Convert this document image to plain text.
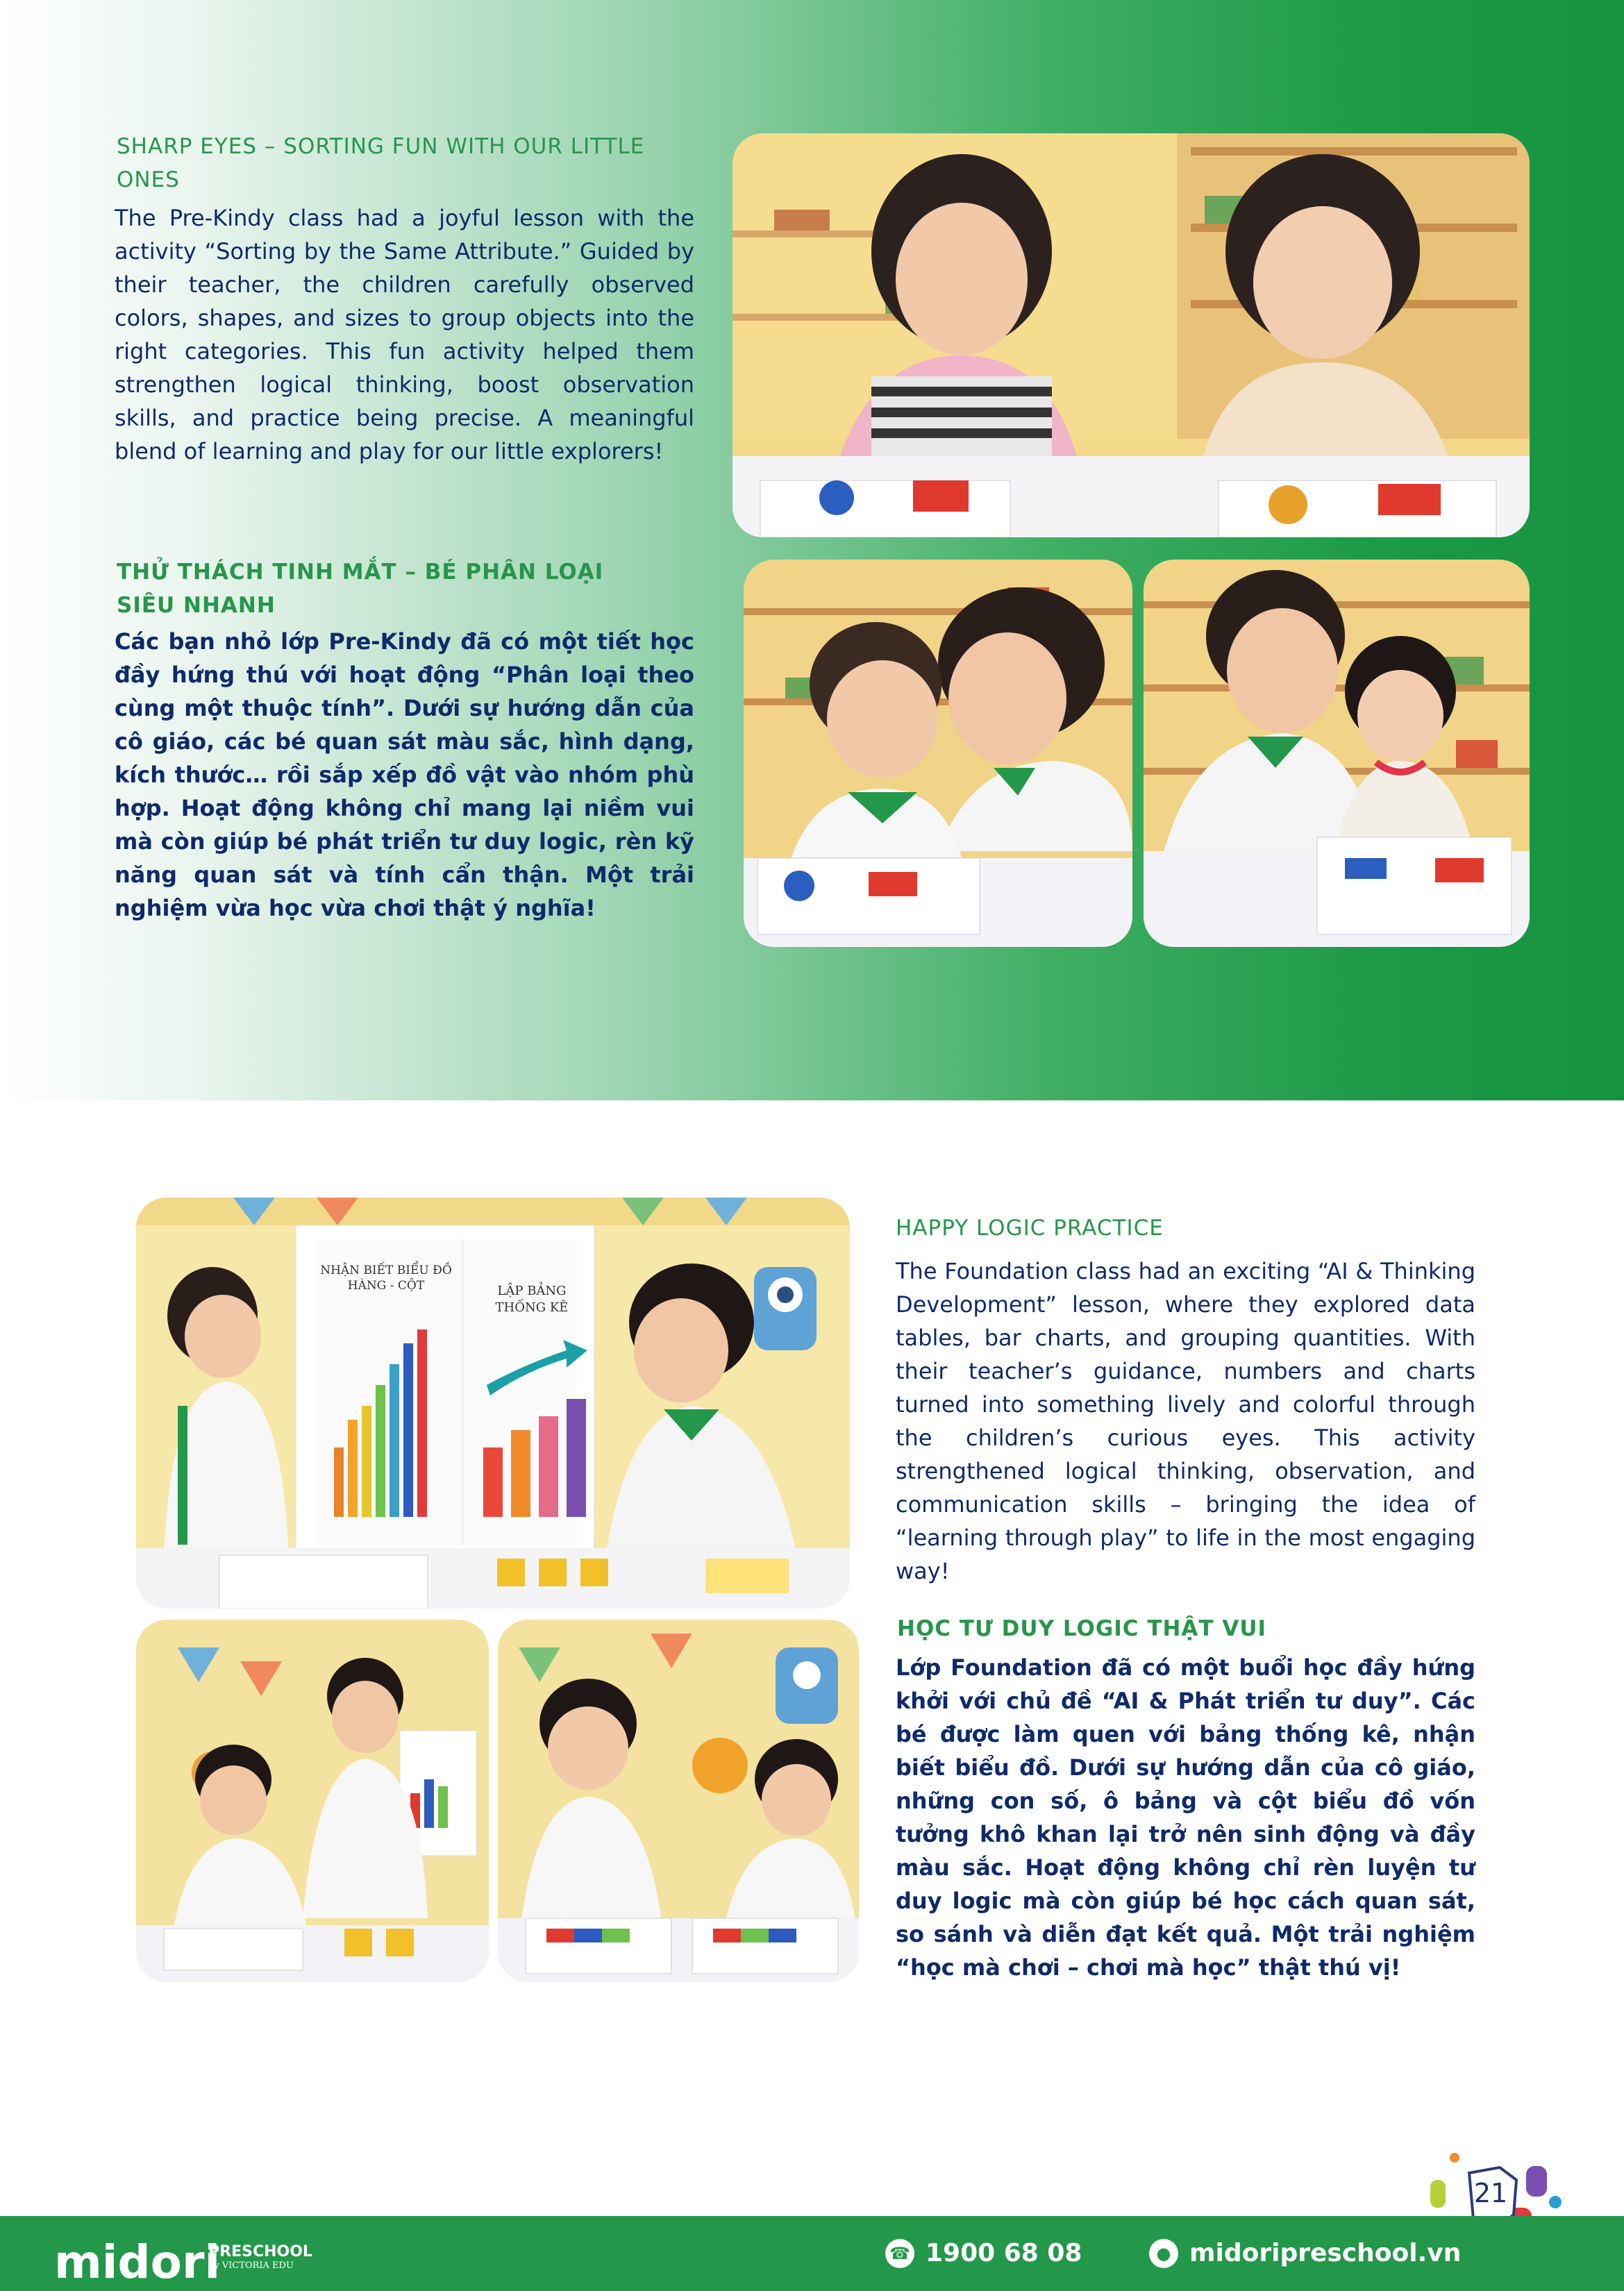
SHARP EYES – SORTING FUN WITH OUR LITTLE
ONES
The Pre-Kindy class had a joyful lesson with the activity “Sorting by the Same Attribute.” Guided by their teacher, the children carefully observed colors, shapes, and sizes to group objects into the right categories. This fun activity helped them strengthen logical thinking, boost observation skills, and practice being precise. A meaningful blend of learning and play for our little explorers!
THỬ THÁCH TINH MẮT – BÉ PHÂN LOẠI
SIÊU NHANH
Các bạn nhỏ lớp Pre-Kindy đã có một tiết học đầy hứng thú với hoạt động “Phân loại theo cùng một thuộc tính”. Dưới sự hướng dẫn của cô giáo, các bé quan sát màu sắc, hình dạng, kích thước… rồi sắp xếp đồ vật vào nhóm phù hợp. Hoạt động không chỉ mang lại niềm vui mà còn giúp bé phát triển tư duy logic, rèn kỹ năng quan sát và tính cẩn thận. Một trải nghiệm vừa học vừa chơi thật ý nghĩa!
NHẬN BIẾT BIỂU ĐỒ
HÀNG - CỘT	LẬP BẢNG
THỐNG KÊ
HAPPY LOGIC PRACTICE
The Foundation class had an exciting “AI & Thinking Development” lesson, where they explored data tables, bar charts, and grouping quantities. With their teacher’s guidance, numbers and charts turned into something lively and colorful through the children’s curious eyes. This activity strengthened logical thinking, observation, and communication skills – bringing the idea of “learning through play” to life in the most engaging way!
HỌC TƯ DUY LOGIC THẬT VUI
Lớp Foundation đã có một buổi học đầy hứng khởi với chủ đề “AI & Phát triển tư duy”. Các bé được làm quen với bảng thống kê, nhận biết biểu đồ. Dưới sự hướng dẫn của cô giáo, những con số, ô bảng và cột biểu đồ vốn tưởng khô khan lại trở nên sinh động và đầy màu sắc. Hoạt động không chỉ rèn luyện tư duy logic mà còn giúp bé học cách quan sát, so sánh và diễn đạt kết quả. Một trải nghiệm “học mà chơi – chơi mà học” thật thú vị!
21
midori
PRESCHOOL
by VICTORIA EDU
☎ 1900 68 08	● midoripreschool.vn
